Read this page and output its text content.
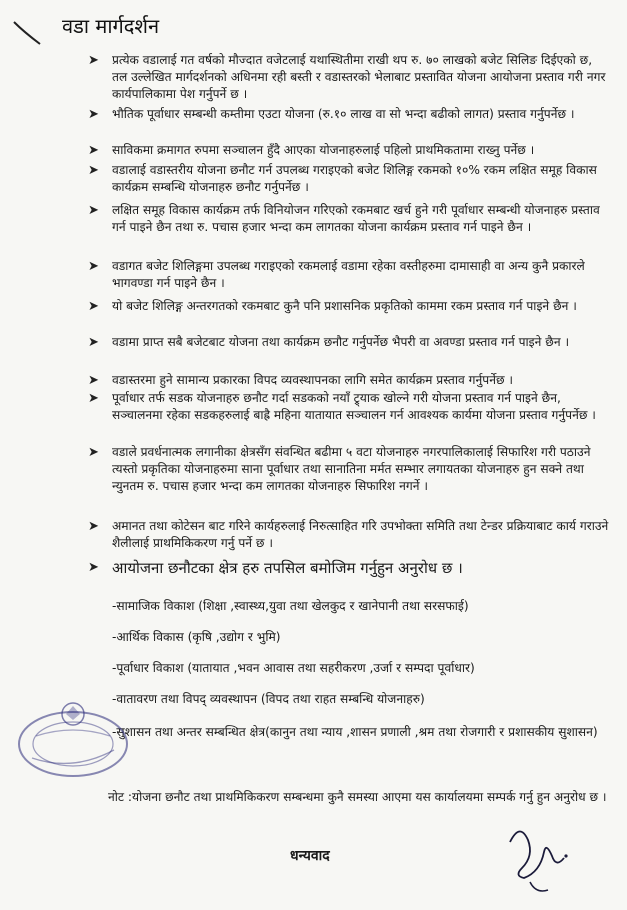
वडा मार्गदर्शन
➤ प्रत्येक वडालाई गत वर्षको मौज्दात वजेटलाई यथास्थितीमा राखी थप रु. ७० लाखको बजेट सिलिङ दिईएको छ, तल उल्लेखित मार्गदर्शनको अधिनमा रही बस्ती र वडास्तरको भेलाबाट प्रस्तावित योजना आयोजना प्रस्ताव गरी नगर कार्यपालिकामा पेश गर्नुपर्ने छ ।
➤ भौतिक पूर्वाधार सम्बन्धी कम्तीमा एउटा योजना (रु.१० लाख वा सो भन्दा बढीको लागत) प्रस्ताव गर्नुपर्नेछ ।
➤ साविकमा क्रमागत रुपमा सञ्चालन हुँदै आएका योजनाहरुलाई पहिलो प्राथमिकतामा राख्नु पर्नेछ ।
➤ वडालाई वडास्तरीय योजना छनौट गर्न उपलब्ध गराइएको बजेट शिलिङ्ग रकमको १०% रकम लक्षित समूह विकास कार्यक्रम सम्बन्धि योजनाहरु छनौट गर्नुपर्नेछ ।
➤ लक्षित समूह विकास कार्यक्रम तर्फ विनियोजन गरिएको रकमबाट खर्च हुने गरी पूर्वाधार सम्बन्धी योजनाहरु प्रस्ताव गर्न पाइने छैन तथा रु. पचास हजार भन्दा कम लागतका योजना कार्यक्रम प्रस्ताव गर्न पाइने छैन ।
➤ वडागत बजेट शिलिङ्गमा उपलब्ध गराइएको रकमलाई वडामा रहेका वस्तीहरुमा दामासाही वा अन्य कुनै प्रकारले भागवण्डा गर्न पाइने छैन ।
➤ यो बजेट शिलिङ्ग अन्तरगतको रकमबाट कुनै पनि प्रशासनिक प्रकृतिको काममा रकम प्रस्ताव गर्न पाइने छैन ।
➤ वडामा प्राप्त सबै बजेटबाट योजना तथा कार्यक्रम छनौट गर्नुपर्नेछ भैपरी वा अवण्डा प्रस्ताव गर्न पाइने छैन ।
➤ वडास्तरमा हुने सामान्य प्रकारका विपद व्यवस्थापनका लागि समेत कार्यक्रम प्रस्ताव गर्नुपर्नेछ ।
➤ पूर्वाधार तर्फ सडक योजनाहरु छनौट गर्दा सडकको नयाँ ट्र्याक खोल्ने गरी योजना प्रस्ताव गर्न पाइने छैन, सञ्चालनमा रहेका सडकहरुलाई बाह्रै महिना यातायात सञ्चालन गर्न आवश्यक कार्यमा योजना प्रस्ताव गर्नुपर्नेछ ।
➤ वडाले प्रवर्धनात्मक लगानीका क्षेत्रसँग संवन्धित बढीमा ५ वटा योजनाहरु नगरपालिकालाई सिफारिश गरी पठाउने त्यस्तो प्रकृतिका योजनाहरुमा साना पूर्वाधार तथा सानातिना मर्मत सम्भार लगायतका योजनाहरु हुन सक्ने तथा न्युनतम रु. पचास हजार भन्दा कम लागतका योजनाहरु सिफारिश नगर्ने ।
➤ अमानत तथा कोटेसन बाट गरिने कार्यहरुलाई निरुत्साहित गरि उपभोक्ता समिति तथा टेन्डर प्रक्रियाबाट कार्य गराउने शैलीलाई प्राथमिकिकरण गर्नु पर्ने छ ।
➤ आयोजना छनौटका क्षेत्र हरु तपसिल बमोजिम गर्नुहुन अनुरोध छ ।
-सामाजिक विकाश (शिक्षा ,स्वास्थ्य,युवा तथा खेलकुद र खानेपानी तथा सरसफाई)
-आर्थिक विकास (कृषि ,उद्योग र भुमि)
-पूर्वाधार विकाश (यातायात ,भवन आवास तथा सहरीकरण ,उर्जा र सम्पदा पूर्वाधार)
-वातावरण तथा विपद् व्यवस्थापन (विपद तथा राहत सम्बन्धि योजनाहरु)
-सुशासन तथा अन्तर सम्बन्धित क्षेत्र(कानुन तथा न्याय ,शासन प्रणाली ,श्रम तथा रोजगारी र प्रशासकीय सुशासन)
नोट :योजना छनौट तथा प्राथमिकिकरण सम्बन्धमा कुनै समस्या आएमा यस कार्यालयमा सम्पर्क गर्नु हुन अनुरोध छ ।
धन्यवाद
